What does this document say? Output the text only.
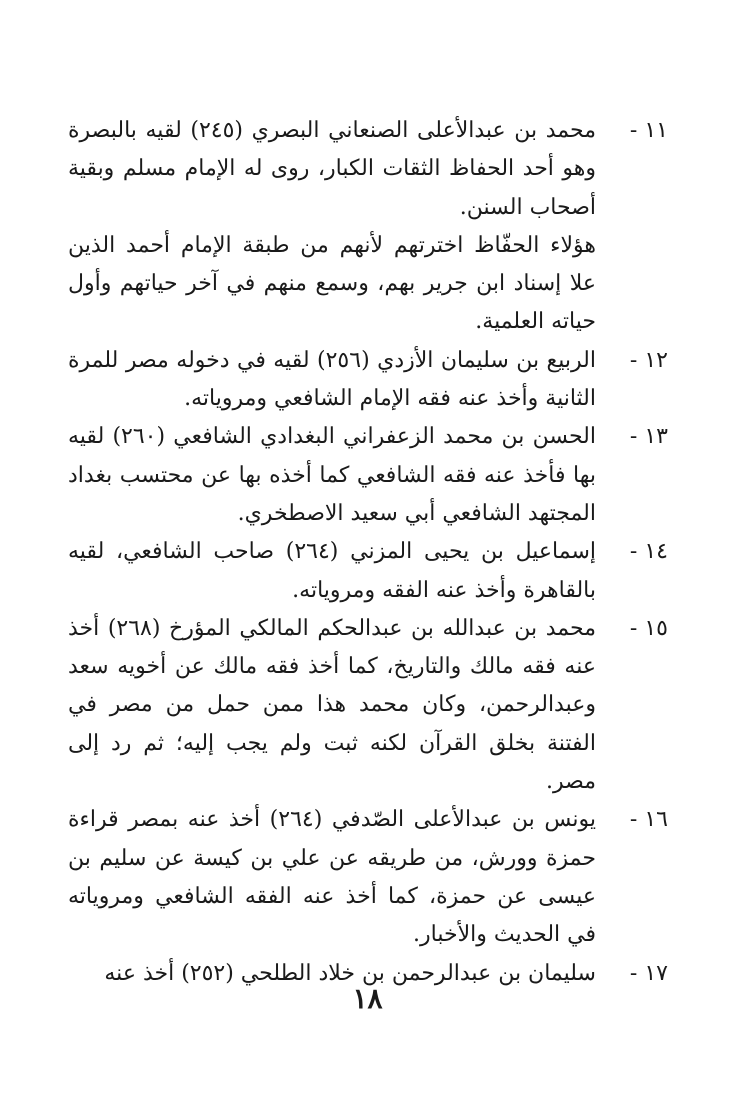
١١ -

محمد بن عبدالأعلى الصنعاني البصري (٢٤٥) لقيه بالبصرة وهو أحد الحفاظ الثقات الكبار، روى له الإمام مسلم وبقية أصحاب السنن.

هؤلاء الحفّاظ اخترتهم لأنهم من طبقة الإمام أحمد الذين علا إسناد ابن جرير بهم، وسمع منهم في آخر حياتهم وأول حياته العلمية.

١٢ -

الربيع بن سليمان الأزدي (٢٥٦) لقيه في دخوله مصر للمرة الثانية وأخذ عنه فقه الإمام الشافعي ومروياته.

١٣ -

الحسن بن محمد الزعفراني البغدادي الشافعي (٢٦٠) لقيه بها فأخذ عنه فقه الشافعي كما أخذه بها عن محتسب بغداد المجتهد الشافعي أبي سعيد الاصطخري.

١٤ -

إسماعيل بن يحيى المزني (٢٦٤) صاحب الشافعي، لقيه بالقاهرة وأخذ عنه الفقه ومروياته.

١٥ -

محمد بن عبدالله بن عبدالحكم المالكي المؤرخ (٢٦٨) أخذ عنه فقه مالك والتاريخ، كما أخذ فقه مالك عن أخويه سعد وعبدالرحمن، وكان محمد هذا ممن حمل من مصر في الفتنة بخلق القرآن لكنه ثبت ولم يجب إليه؛ ثم رد إلى مصر.

١٦ -

يونس بن عبدالأعلى الصّدفي (٢٦٤) أخذ عنه بمصر قراءة حمزة وورش، من طريقه عن علي بن كيسة عن سليم بن عيسى عن حمزة، كما أخذ عنه الفقه الشافعي ومروياته في الحديث والأخبار.

١٧ -

سليمان بن عبدالرحمن بن خلاد الطلحي (٢٥٢) أخذ عنه

١٨
